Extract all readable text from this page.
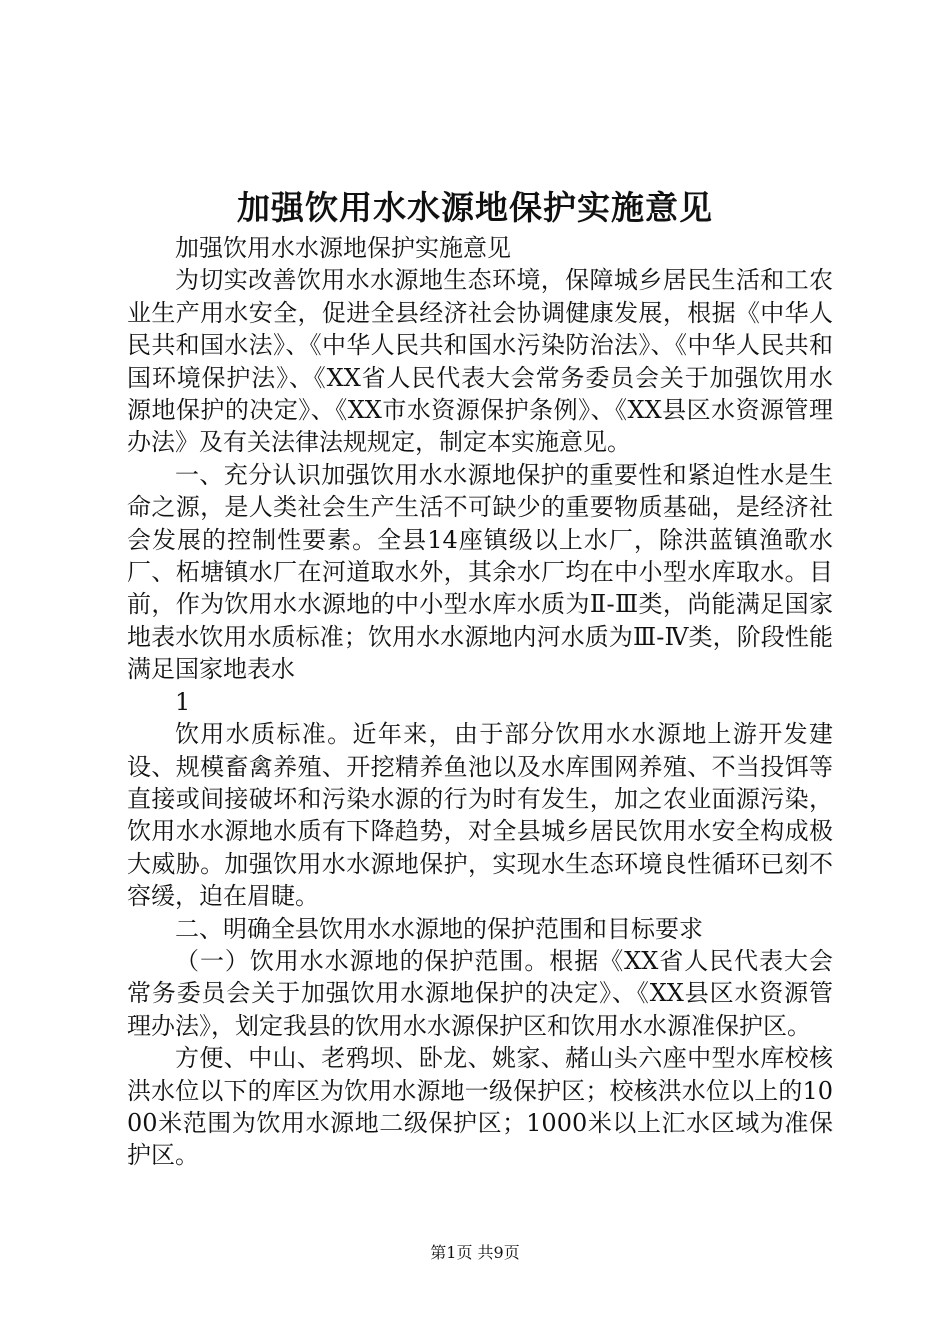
加强饮用水水源地保护实施意见

加强饮用水水源地保护实施意见

为切实改善饮用水水源地生态环境，保障城乡居民生活和工农业生产用水安全，促进全县经济社会协调健康发展，根据《中华人民共和国水法》、《中华人民共和国水污染防治法》、《中华人民共和国环境保护法》、《XX省人民代表大会常务委员会关于加强饮用水源地保护的决定》、《XX市水资源保护条例》、《XX县区水资源管理办法》及有关法律法规规定，制定本实施意见。

一、充分认识加强饮用水水源地保护的重要性和紧迫性水是生命之源，是人类社会生产生活不可缺少的重要物质基础，是经济社会发展的控制性要素。全县14座镇级以上水厂，除洪蓝镇渔歌水厂、柘塘镇水厂在河道取水外，其余水厂均在中小型水库取水。目前，作为饮用水水源地的中小型水库水质为Ⅱ-Ⅲ类，尚能满足国家地表水饮用水质标准；饮用水水源地内河水质为Ⅲ-Ⅳ类，阶段性能满足国家地表水

1

饮用水质标准。近年来，由于部分饮用水水源地上游开发建设、规模畜禽养殖、开挖精养鱼池以及水库围网养殖、不当投饵等直接或间接破坏和污染水源的行为时有发生，加之农业面源污染，饮用水水源地水质有下降趋势，对全县城乡居民饮用水安全构成极大威胁。加强饮用水水源地保护，实现水生态环境良性循环已刻不容缓，迫在眉睫。

二、明确全县饮用水水源地的保护范围和目标要求

（一）饮用水水源地的保护范围。根据《XX省人民代表大会常务委员会关于加强饮用水源地保护的决定》、《XX县区水资源管理办法》，划定我县的饮用水水源保护区和饮用水水源准保护区。

方便、中山、老鸦坝、卧龙、姚家、赭山头六座中型水库校核洪水位以下的库区为饮用水源地一级保护区；校核洪水位以上的1000米范围为饮用水源地二级保护区；1000米以上汇水区域为准保护区。

第1页 共9页
